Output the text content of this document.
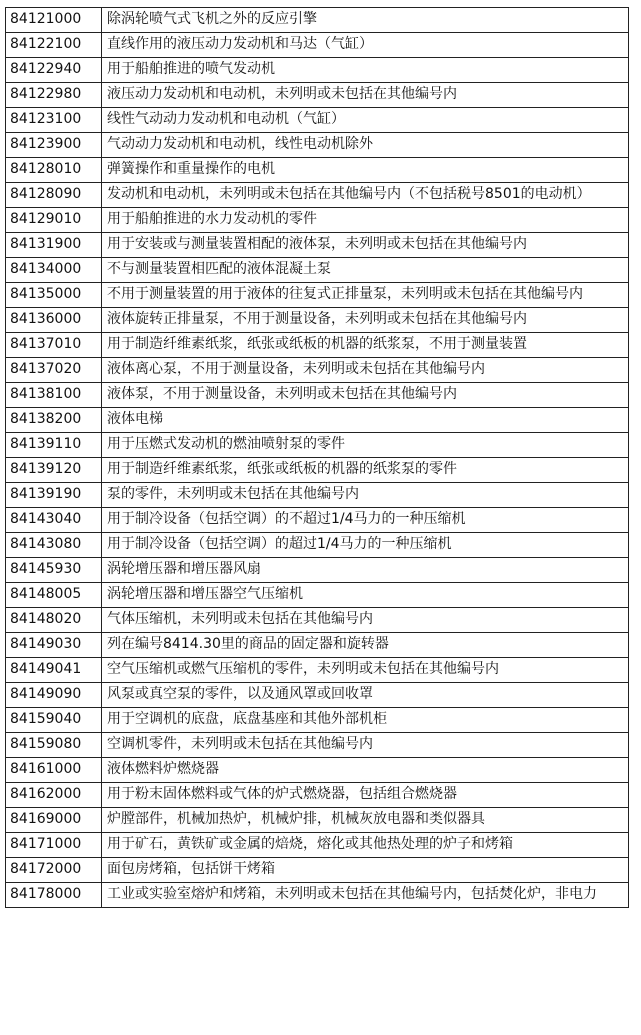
84121000	除涡轮喷气式飞机之外的反应引擎
84122100	直线作用的液压动力发动机和马达（气缸）
84122940	用于船舶推进的喷气发动机
84122980	液压动力发动机和电动机，未列明或未包括在其他编号内
84123100	线性气动动力发动机和电动机（气缸）
84123900	气动动力发动机和电动机，线性电动机除外
84128010	弹簧操作和重量操作的电机
84128090	发动机和电动机，未列明或未包括在其他编号内（不包括税号8501的电动机）
84129010	用于船舶推进的水力发动机的零件
84131900	用于安装或与测量装置相配的液体泵，未列明或未包括在其他编号内
84134000	不与测量装置相匹配的液体混凝土泵
84135000	不用于测量装置的用于液体的往复式正排量泵，未列明或未包括在其他编号内
84136000	液体旋转正排量泵，不用于测量设备，未列明或未包括在其他编号内
84137010	用于制造纤维素纸浆，纸张或纸板的机器的纸浆泵，不用于测量装置
84137020	液体离心泵，不用于测量设备，未列明或未包括在其他编号内
84138100	液体泵，不用于测量设备，未列明或未包括在其他编号内
84138200	液体电梯
84139110	用于压燃式发动机的燃油喷射泵的零件
84139120	用于制造纤维素纸浆，纸张或纸板的机器的纸浆泵的零件
84139190	泵的零件，未列明或未包括在其他编号内
84143040	用于制冷设备（包括空调）的不超过1/4马力的一种压缩机
84143080	用于制冷设备（包括空调）的超过1/4马力的一种压缩机
84145930	涡轮增压器和增压器风扇
84148005	涡轮增压器和增压器空气压缩机
84148020	气体压缩机，未列明或未包括在其他编号内
84149030	列在编号8414.30里的商品的固定器和旋转器
84149041	空气压缩机或燃气压缩机的零件，未列明或未包括在其他编号内
84149090	风泵或真空泵的零件，以及通风罩或回收罩
84159040	用于空调机的底盘，底盘基座和其他外部机柜
84159080	空调机零件，未列明或未包括在其他编号内
84161000	液体燃料炉燃烧器
84162000	用于粉末固体燃料或气体的炉式燃烧器，包括组合燃烧器
84169000	炉膛部件，机械加热炉，机械炉排，机械灰放电器和类似器具
84171000	用于矿石，黄铁矿或金属的焙烧，熔化或其他热处理的炉子和烤箱
84172000	面包房烤箱，包括饼干烤箱
84178000	工业或实验室熔炉和烤箱，未列明或未包括在其他编号内，包括焚化炉，非电力
